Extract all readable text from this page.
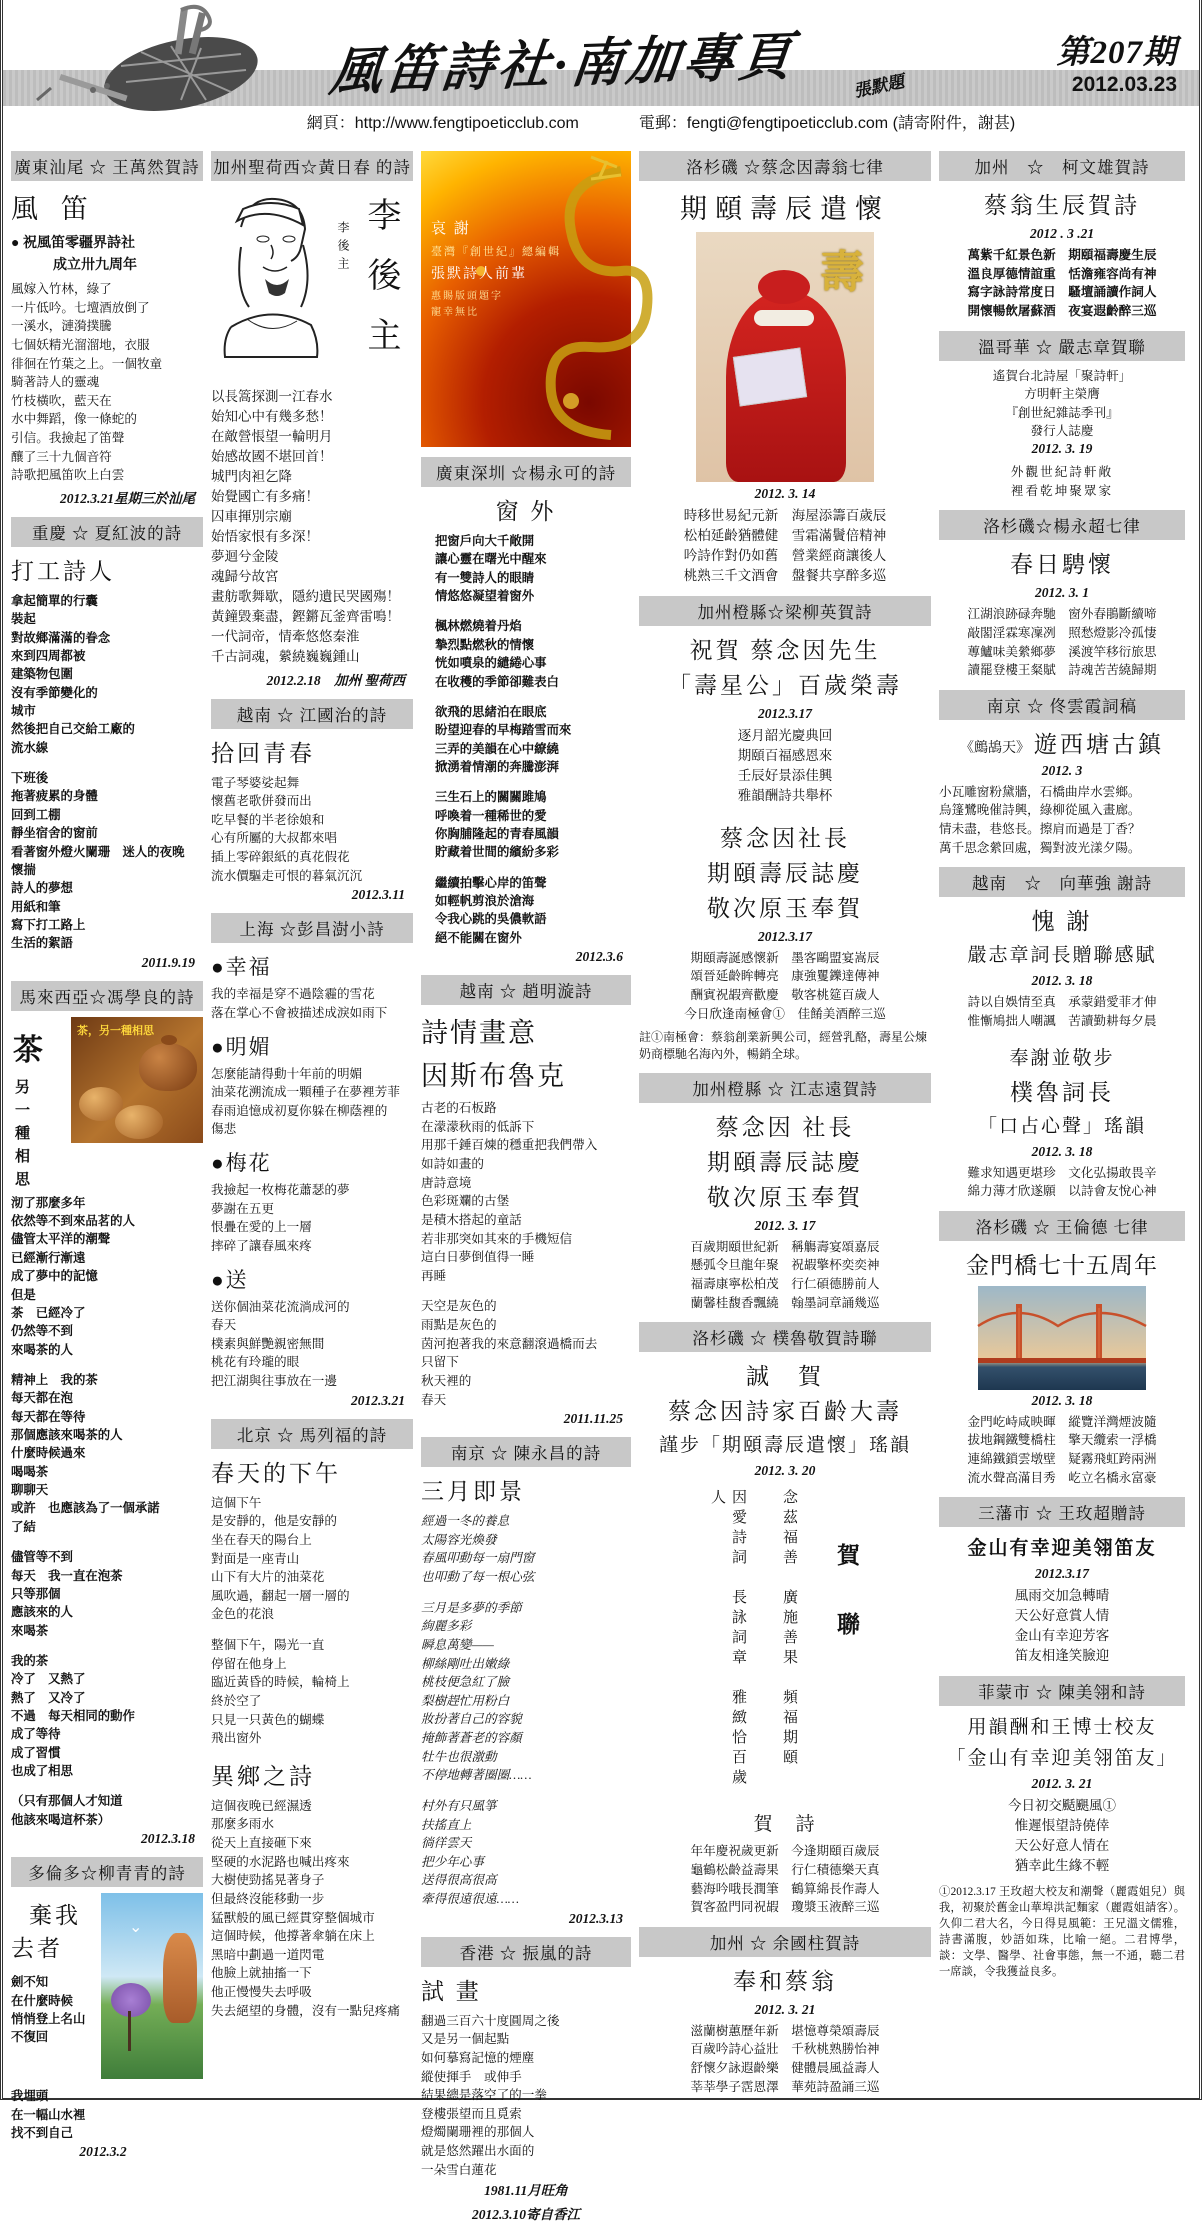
風笛詩社·南加專頁	張默題
第207期
2012.03.23
網頁：http://www.fengtipoeticclub.com	電郵：fengti@fengtipoeticclub.com (請寄附件，謝甚)
廣東汕尾 ☆ 王萬然賀詩
風 笛
● 祝風笛零疆界詩社
成立卅九周年
風嫁入竹林，綠了
一片低吟。七壇酒放倒了
一溪水，漣漪撲騰
七個妖精光溜溜地，衣服
徘徊在竹葉之上。一個牧童
騎著詩人的靈魂
竹枝橫吹，藍天在
水中舞蹈，像一條蛇的
引信。我撿起了笛聲
釀了三十九個音符
詩歌把風笛吹上白雲
2012.3.21星期三於汕尾
重慶 ☆ 夏紅波的詩
打工詩人
拿起簡單的行囊
裝起
對故鄉滿滿的眷念
來到四周都被
建築物包圍
沒有季節變化的
城市
然後把自己交給工廠的
流水線
下班後
拖著疲累的身體
回到工棚
靜坐宿舍的窗前
看著窗外燈火闌珊　迷人的夜晚
懷揣
詩人的夢想
用紙和筆
寫下打工路上
生活的絮語
2011.9.19
馬來西亞☆馮學良的詩
茶
另一種相思
茶，另一種相思
沏了那麼多年
依然等不到來品茗的人
儘管太平洋的潮聲
已經漸行漸遠
成了夢中的記憶
但是
茶　已經冷了
仍然等不到
來喝茶的人
精神上　我的茶
每天都在泡
每天都在等待
那個應該來喝茶的人
什麼時候過來
喝喝茶
聊聊天
或許　也應該為了一個承諾
了結
儘管等不到
每天　我一直在泡茶
只等那個
應該來的人
來喝茶
我的茶
冷了　又熱了
熱了　又冷了
不過　每天相同的動作
成了等待
成了習慣
也成了相思
（只有那個人才知道
他該來喝這杯茶）
2012.3.18
多倫多☆柳青青的詩
棄我
去者
劍不知
在什麼時候
悄悄登上名山
不復回
⌄
我埋頭
在一幅山水裡
找不到自己
2012.3.2
加州聖荷西☆黃日春 的詩
李後主 李後主
以長篙探測一江春水
始知心中有幾多愁！
在敵營悵望一輪明月
始感故國不堪回首！
城門肉袒乞降
始覺國亡有多痛！
囚車揮別宗廟
始悟家恨有多深！
夢迴兮金陵
魂歸兮故宮
畫舫歌舞歇，隱約遺民哭國殤！
黃鐘毀棄盡，鏗鏘瓦釜齊雷鳴！
一代詞帝，情牽悠悠秦淮
千古詞魂，縈繞巍巍鍾山
2012.2.18　加州 聖荷西
越南 ☆ 江國治的詩
拾回青春
電子琴婆娑起舞
懷舊老歌併發而出
吃早餐的半老徐娘和
心有所屬的大叔都來唱
插上零碎銀紙的真花假花
流水價驅走可恨的暮氣沉沉
2012.3.11
上海 ☆彭昌澍小詩
●幸福
我的幸福是穿不過陰霾的雪花
落在掌心不會被描述成淚如雨下
●明媚
怎麼能請得動十年前的明媚
油菜花溯流成一顆種子在夢裡芳菲
春雨追憶成初夏你躲在柳蔭裡的
傷悲
●梅花
我撿起一枚梅花蕭瑟的夢
夢謝在五更
恨疊在愛的上一層
摔碎了讓春風來疼
●送
送你個油菜花流淌成河的
春天
樸素與鮮艷親密無間
桃花有玲瓏的眼
把江湖與往事放在一邊
2012.3.21
北京 ☆ 馬列福的詩
春天的下午
這個下午
是安靜的，他是安靜的
坐在春天的陽台上
對面是一座青山
山下有大片的油菜花
風吹過，翻起一層一層的
金色的花浪
整個下午，陽光一直
停留在他身上
臨近黃昏的時候，輪椅上
終於空了
只見一只黃色的蝴蝶
飛出窗外
異鄉之詩
這個夜晚已經濕透
那麼多雨水
從天上直接砸下來
堅硬的水泥路也喊出疼來
大樹使勁搖晃著身子
但最終沒能移動一步
猛獸般的風已經貫穿整個城市
這個時候，他撐著傘躺在床上
黑暗中劃過一道閃電
他臉上就抽搐一下
他正慢慢失去呼吸
失去絕望的身體，沒有一點兒疼痛
哀 謝
臺灣『創世紀』總編輯
張默詩人前輩
惠賜版頭題字
寵幸無比
廣東深圳 ☆楊永可的詩
窗 外
把窗戶向大千敞開
讓心靈在曙光中醒來
有一雙詩人的眼睛
情悠悠凝望着窗外
楓林燃燒着丹焰
摯烈點燃秋的情懷
恍如噴泉的繾綣心事
在收穫的季節卻難表白
欲飛的思緒泊在眼底
盼望迎春的早梅踏雪而來
三弄的美韻在心中繚繞
掀湧着情潮的奔騰澎湃
三生石上的關關雎鳩
呼喚着一種稀世的愛
你胸脯隆起的青春風韻
貯藏着世間的繽紛多彩
繼續拍擊心岸的笛聲
如輕帆剪浪於滄海
令我心跳的吳儂軟語
絕不能關在窗外
2012.3.6
越南 ☆ 趙明漩詩
詩情畫意
因斯布魯克
古老的石板路
在濛濛秋雨的低訴下
用那千錘百煉的穩重把我們帶入
如詩如畫的
唐詩意境
色彩斑斕的古堡
是積木搭起的童話
若非那突如其來的手機短信
這白日夢倒值得一睡
再睡
天空是灰色的
雨點是灰色的
茵河抱著我的來意翻滾過橋而去
只留下
秋天裡的
春天
2011.11.25
南京 ☆ 陳永昌的詩
三月即景
經過一冬的養息
太陽容光煥發
春風叩動每一扇門窗
也叩動了每一根心弦
三月是多夢的季節
絢麗多彩
瞬息萬變——
柳絲剛吐出嫩綠
桃枝便急紅了臉
梨樹趕忙用粉白
妝扮著自己的容貌
掩飾著蒼老的容顏
牡牛也很激動
不停地轉著圈圈……
村外有只風箏
扶搖直上
徜徉雲天
把少年心事
送得很高很高
牽得很遠很遠……
2012.3.13
香港 ☆ 振嵐的詩
試 畫
翻過三百六十度圓周之後
又是另一個起點
如何摹寫記憶的煙塵
縱使揮手　或伸手
結果總是落空了的一拳
登樓張望而且覓索
燈燭闌珊裡的那個人
就是悠然躍出水面的
一朵雪白蓮花
1981.11月旺角
2012.3.10寄自香江
洛杉磯 ☆蔡念因壽翁七律
期頤壽辰遣懷
壽
2012. 3. 14
時移世易紀元新　海屋添籌百歲辰
松柏延齡猶體健　雪霜滿鬢倍精神
吟詩作對仍如舊　營業經商讓後人
桃熟三千文酒會　盤餐共享醉多巡
加州橙縣☆梁柳英賀詩
祝賀 蔡念因先生
「壽星公」百歲榮壽
2012.3.17
逐月韶光慶典回
期頤百福感恩來
壬辰好景添佳興
雅韻酬詩共舉杯
蔡念因社長
期頤壽辰誌慶
敬次原玉奉賀
2012.3.17
期頤壽誕感懷新　墨客鷗盟宴嵩辰
頌晉延齡眸轉亮　康強矍鑠達傳神
酬賓祝嘏齊歡慶　敬客桃筵百歲人
今日欣逢南極會①　佳餚美酒醉三巡
註①南極會：蔡翁創業新興公司，經營乳酪，壽星公煉奶商標馳名海內外，暢銷全球。
加州橙縣 ☆ 江志遠賀詩
蔡念因 社長
期頤壽辰誌慶
敬次原玉奉賀
2012. 3. 17
百歲期頤世紀新　稱觴壽宴頌嘉辰
懸弧令旦龍年聚　祝嘏擎杯奕奕神
福壽康寧松柏茂　行仁碩德勝前人
蘭馨桂馥香飄繞　翰墨詞章誦幾巡
洛杉磯 ☆ 樸魯敬賀詩聯
誠　賀
蔡念因詩家百齡大壽
謹步「期頤壽辰遣懷」瑤韻
2012. 3. 20
因愛詩詞　長詠詞章　雅緻恰百歲人	念茲福善　廣施善果　頻福期頤 賀聯
賀　詩
年年慶祝歲更新　今逢期頤百歲辰
龜鶴松齡益壽果　行仁積德樂天真
藝海吟哦長潤筆　鶴算綿長作壽人
賀客盈門同祝嘏　瓊漿玉液醉三巡
加州 ☆ 余國柱賀詩
奉和蔡翁
2012. 3. 21
滋蘭樹蕙歷年新　堪憶尊榮頌壽辰
百歲吟詩心益壯　千秋桃熟勝怡神
舒懷夕詠遐齡樂　健體晨風益壽人
莘莘學子霑恩澤　華苑詩盈誦三巡
加州　☆　柯文雄賀詩
蔡翁生辰賀詩
2012 . 3 .21
萬紫千紅景色新　期頤福壽慶生辰
溫良厚德情誼重　恬澹雍容尚有神
寫字詠詩常度日　騷壇誦讀作詞人
開懷暢飲屠蘇酒　夜宴遐齡醉三巡
溫哥華 ☆ 嚴志章賀聯
遙賀台北詩屋「聚詩軒」
方明軒主榮膺
『創世紀雜誌季刊』
發行人誌慶
2012. 3. 19
外觀世紀詩軒敞
裡看乾坤聚眾家
洛杉磯☆楊永超七律
春日騁懷
2012. 3. 1
江湖浪跡碌奔馳　窗外春鵑斷續啼
敲閣淫霖寒凜冽　照愁燈影冷孤悽
蓴鱸味美縈鄉夢　溪渡竿移衍旅思
讀罷登樓王粲賦　詩魂苦苦繞歸期
南京 ☆ 佟雲霞詞稿
《鷓鴣天》 遊西塘古鎮
2012. 3
小瓦雕窗粉黛牆，石橋曲岸水雲鄉。
烏篷鷺晚催詩興，綠柳從風入畫廊。
情未盡，巷悠長。擦肩而過是丁香？
萬千思念縈回處，獨對波光漾夕陽。
越南　☆　向華強 謝詩
愧 謝
嚴志章詞長贈聯感賦
2012. 3. 18
詩以自娛情至真　承蒙錯愛菲才伸
惟慚鳩拙人嘲諷　苦讀勤耕每夕晨
奉謝並敬步
樸魯詞長
「口占心聲」瑤韻
2012. 3. 18
難求知遇更堪珍　文化弘揚敢畏辛
綿力薄才欣遂願　以詩會友悅心神
洛杉磯 ☆ 王倫德 七律
金門橋七十五周年
2012. 3. 18
金門屹峙咸映暉　縱覽洋灣煙波隨
拔地鋼鐵雙橋柱　擎天纜索一浮橋
連綿鐵鎖雲墩壁　疑霧飛虹跨兩洲
流水聲高滿目秀　屹立名橋永富豪
三藩市 ☆ 王玫超贈詩
金山有幸迎美翎笛友
2012.3.17
風雨交加急轉晴
天公好意賞人情
金山有幸迎芳客
笛友相逢笑臉迎
菲蒙市 ☆ 陳美翎和詩
用韻酬和王博士校友
「金山有幸迎美翎笛友」
2012. 3. 21
今日初交颳颶風①
惟遲悵望詩僥倖
天公好意人情在
猶幸此生緣不輕
①2012.3.17 王玫超大校友和潮聲（麗霞姐兒）與我，初聚於舊金山華埠洪記麵家（麗霞姐請客）。久仰二君大名，今日得見風範：王兄溫文儒雅，詩書滿腹，妙語如珠，比喻一絕。二君博學，談：文學、醫學、社會事態，無一不通，聽二君一席談，令我獲益良多。
